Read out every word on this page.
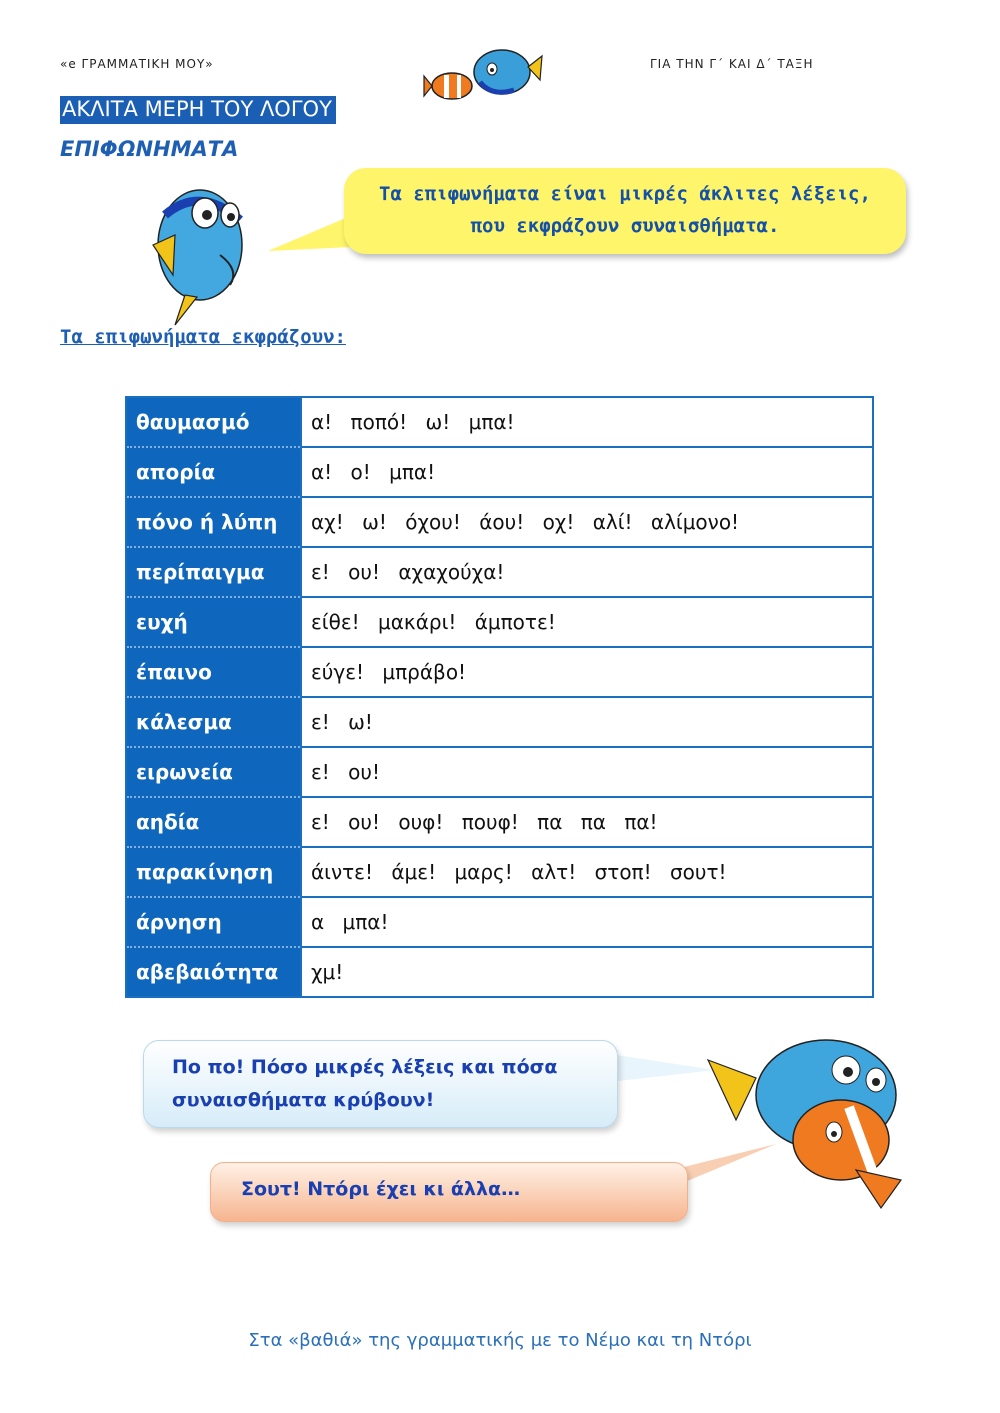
«e ΓΡΑΜΜΑΤΙΚΗ ΜΟΥ»	ΓΙΑ ΤΗΝ Γ΄ ΚΑΙ Δ΄ ΤΑΞΗ
ΑΚΛΙΤΑ ΜΕΡΗ ΤΟΥ ΛΟΓΟΥ
ΕΠΙΦΩΝΗΜΑΤΑ
Τα επιφωνήματα είναι μικρές άκλιτες λέξεις,
που εκφράζουν συναισθήματα.
Τα επιφωνήματα εκφράζουν:
θαυμασμό	α! ποπό! ω! μπα!
απορία	α! ο! μπα!
πόνο ή λύπη	αχ! ω! όχου! άου! οχ! αλί! αλίμονο!
περίπαιγμα	ε! ου! αχαχούχα!
ευχή	είθε! μακάρι! άμποτε!
έπαινο	εύγε! μπράβο!
κάλεσμα	ε! ω!
ειρωνεία	ε! ου!
αηδία	ε! ου! ουφ! πουφ! πα πα πα!
παρακίνηση	άιντε! άμε! μαρς! αλτ! στοπ! σουτ!
άρνηση	α μπα!
αβεβαιότητα	χμ!
Πο πο! Πόσο μικρές λέξεις και πόσα
συναισθήματα κρύβουν!
Σουτ! Ντόρι έχει κι άλλα…
Στα «βαθιά» της γραμματικής με το Νέμο και τη Ντόρι
